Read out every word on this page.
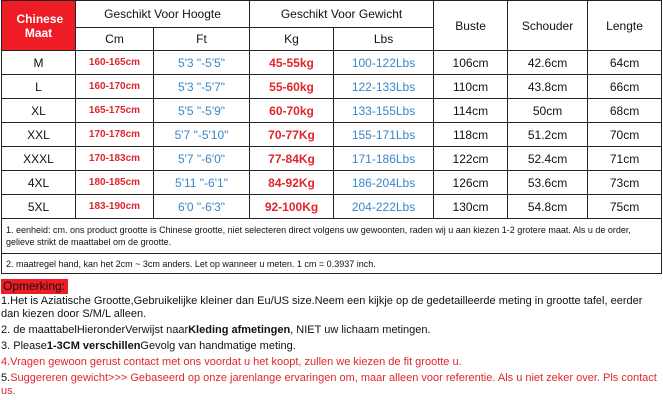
Chinese Maat	Geschikt Voor Hoogte		Geschikt Voor Gewicht		Buste	Schouder	Lengte
	Cm	Ft	Kg	Lbs			
M	160-165cm	5'3 "-5'5"	45-55kg	100-122Lbs	106cm	42.6cm	64cm
L	160-170cm	5'3 "-5'7"	55-60kg	122-133Lbs	110cm	43.8cm	66cm
XL	165-175cm	5'5 "-5'9"	60-70kg	133-155Lbs	114cm	50cm	68cm
XXL	170-178cm	5'7 "-5'10"	70-77Kg	155-171Lbs	118cm	51.2cm	70cm
XXXL	170-183cm	5'7 "-6'0"	77-84Kg	171-186Lbs	122cm	52.4cm	71cm
4XL	180-185cm	5'11 "-6'1"	84-92Kg	186-204Lbs	126cm	53.6cm	73cm
5XL	183-190cm	6'0 "-6'3"	92-100Kg	204-222Lbs	130cm	54.8cm	75cm
1. eenheid: cm. ons product grootte is Chinese grootte, niet selecteren direct volgens uw gewoonten, raden wij u aan kiezen 1-2 grotere maat. Als u de order, gelieve strikt de maattabel om de grootte.							
2. maatregel hand, kan het 2cm ~ 3cm anders. Let op wanneer u meten. 1 cm = 0.3937 inch.							
Opmerking:
1.Het is Aziatische Grootte,Gebruikelijke kleiner dan Eu/US size.Neem een kijkje op de gedetailleerde meting in grootte tafel, eerder dan kiezen door S/M/L alleen.
2. de maattabelHieronderVerwijst naarKleding afmetingen, NIET uw lichaam metingen.
3. Please1-3CM verschillenGevolg van handmatige meting.
4.Vragen gewoon gerust contact met ons voordat u het koopt, zullen we kiezen de fit grootte u.
5.Suggereren gewicht>>> Gebaseerd op onze jarenlange ervaringen om, maar alleen voor referentie. Als u niet zeker over. Pls contact us.
